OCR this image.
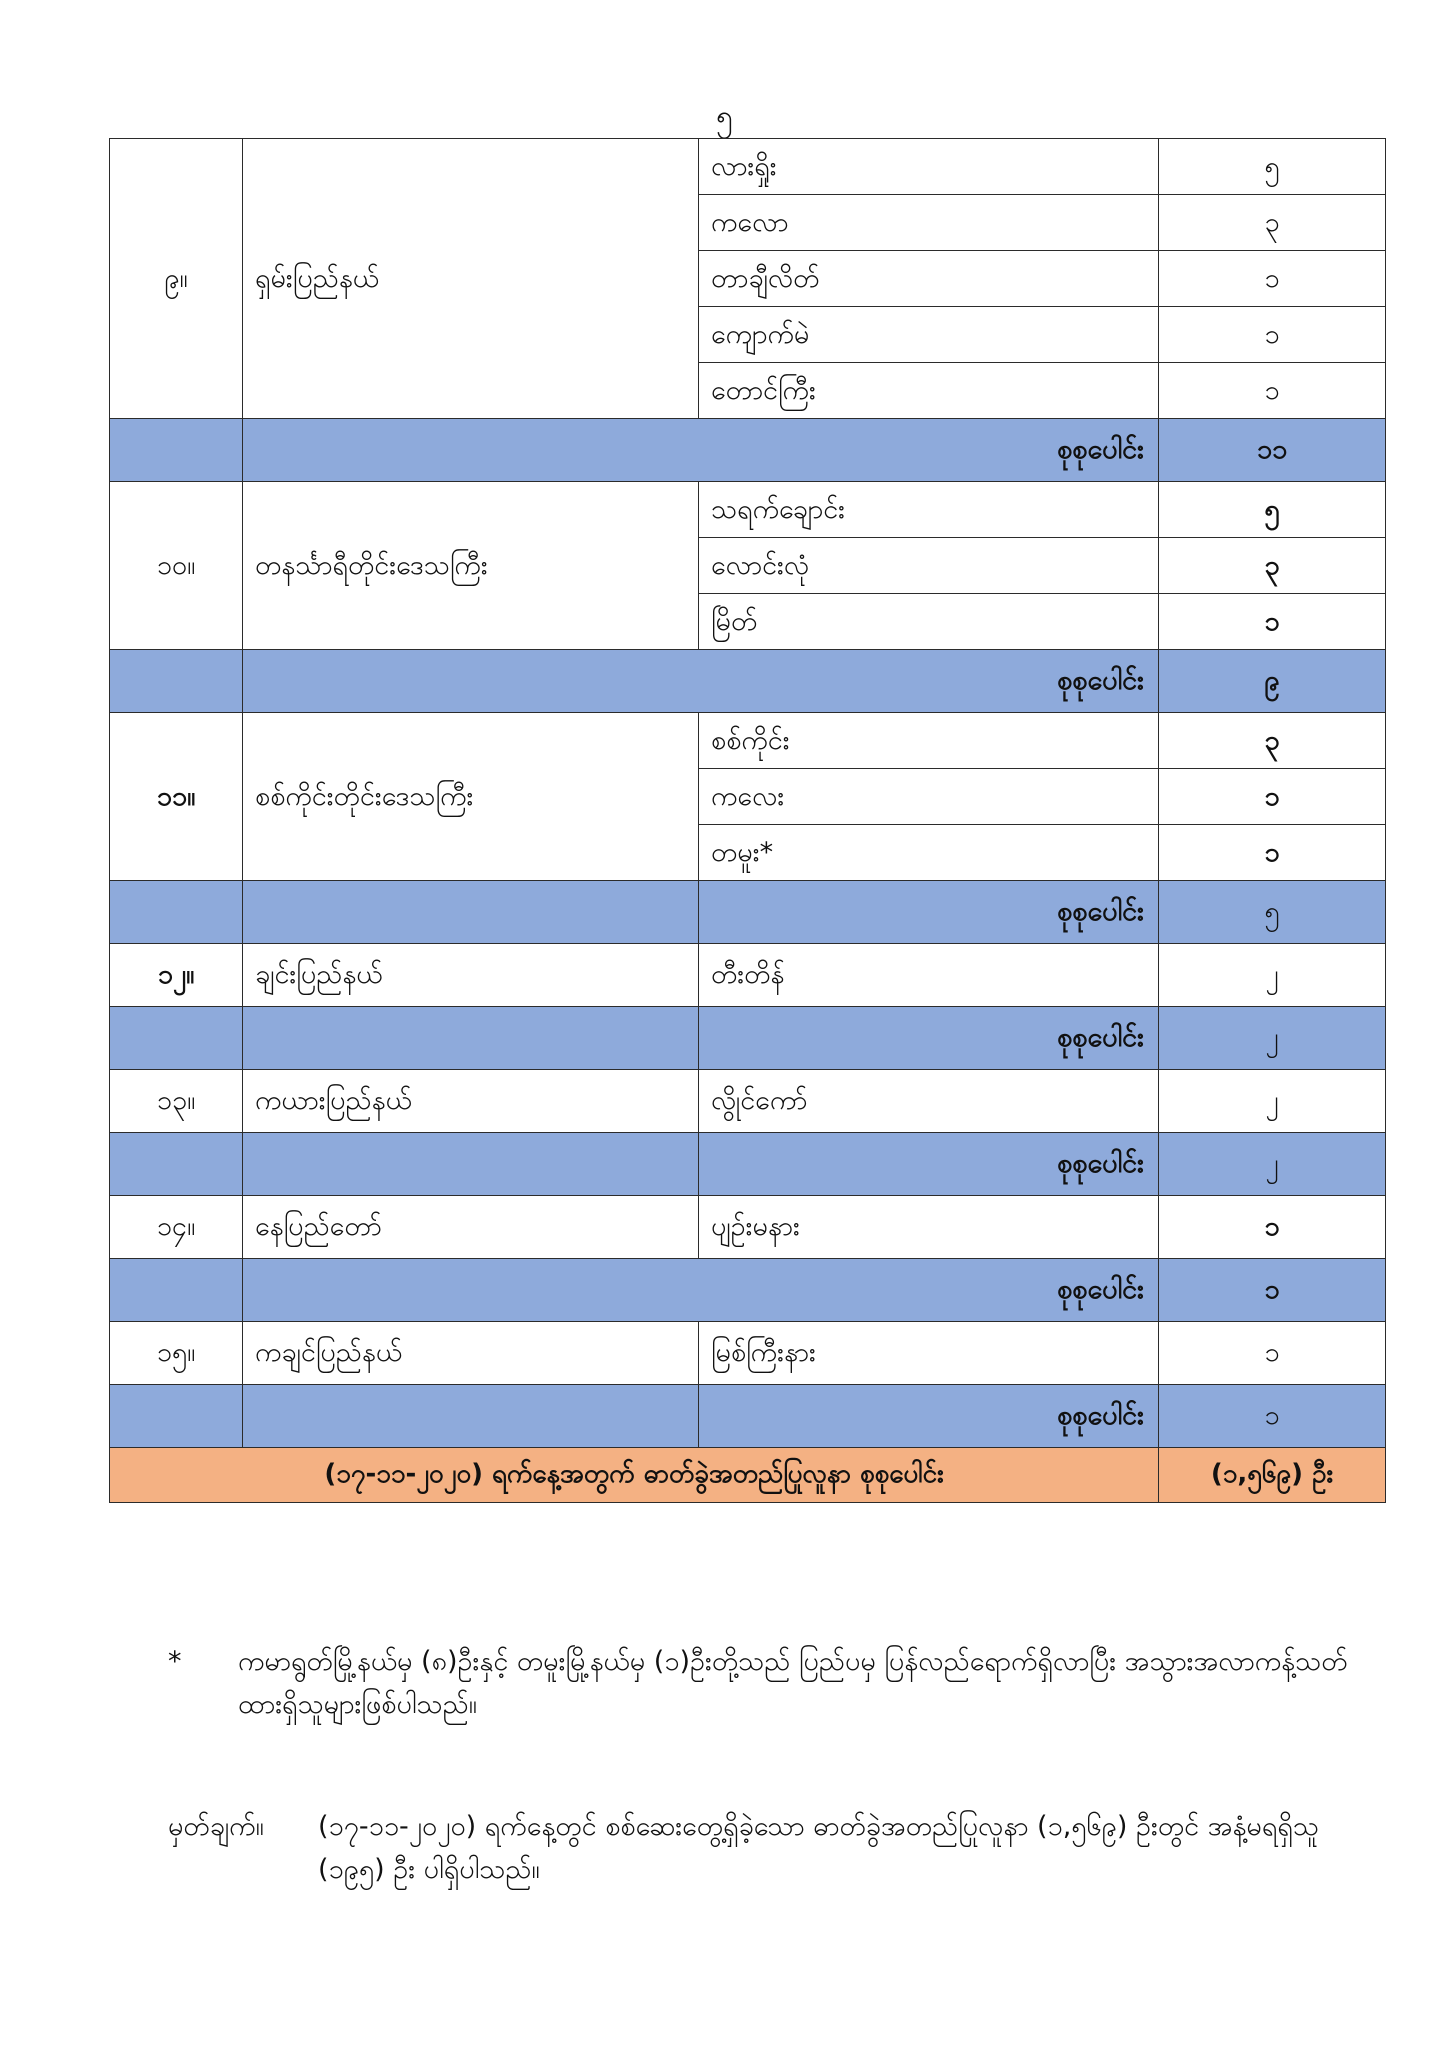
၅
၉။	ရှမ်းပြည်နယ်	လားရှိုး	၅
		ကလော	၃
		တာချီလိတ်	၁
		ကျောက်မဲ	၁
		တောင်ကြီး	၁
	စုစုပေါင်း		၁၁
၁၀။	တနင်္သာရီတိုင်းဒေသကြီး	သရက်ချောင်း	၅
		လောင်းလုံ	၃
		မြိတ်	၁
	စုစုပေါင်း		၉
၁၁။	စစ်ကိုင်းတိုင်းဒေသကြီး	စစ်ကိုင်း	၃
		ကလေး	၁
		တမူး*	၁
		စုစုပေါင်း	၅
၁၂။	ချင်းပြည်နယ်	တီးတိန်	၂
		စုစုပေါင်း	၂
၁၃။	ကယားပြည်နယ်	လွိုင်ကော်	၂
		စုစုပေါင်း	၂
၁၄။	နေပြည်တော်	ပျဉ်းမနား	၁
	စုစုပေါင်း		၁
၁၅။	ကချင်ပြည်နယ်	မြစ်ကြီးနား	၁
		စုစုပေါင်း	၁
(၁၇-၁၁-၂၀၂၀) ရက်နေ့အတွက် ဓာတ်ခွဲအတည်ပြုလူနာ စုစုပေါင်း			(၁,၅၆၉) ဦး
*	ကမာရွတ်မြို့နယ်မှ (၈)ဦးနှင့် တမူးမြို့နယ်မှ (၁)ဦးတို့သည် ပြည်ပမှ ပြန်လည်ရောက်ရှိလာပြီး အသွားအလာကန့်သတ်ထားရှိသူများဖြစ်ပါသည်။
မှတ်ချက်။	(၁၇-၁၁-၂၀၂၀) ရက်နေ့တွင် စစ်ဆေးတွေ့ရှိခဲ့သော ဓာတ်ခွဲအတည်ပြုလူနာ (၁,၅၆၉) ဦးတွင် အနံ့မရရှိသူ (၁၉၅) ဦး ပါရှိပါသည်။
